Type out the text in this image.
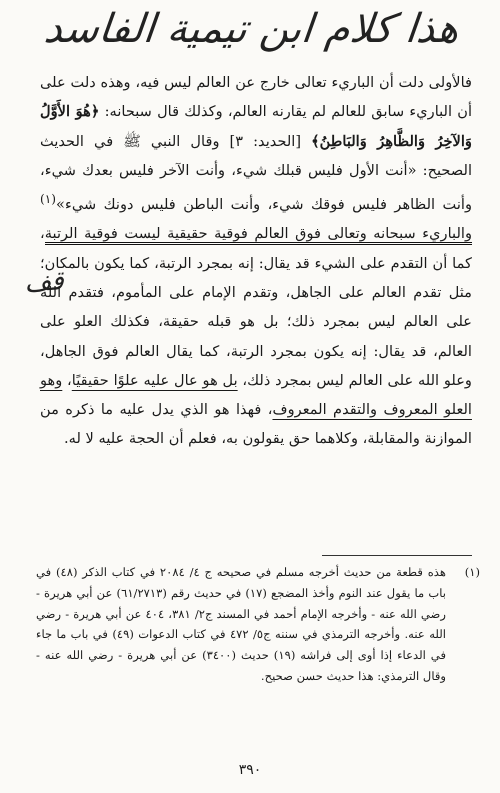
هذا كلام ابن تيمية الفاسد
قف

فالأولى دلت أن الباريء تعالى خارج عن العالم ليس فيه، وهذه دلت على أن الباريء سابق للعالم لم يقارنه العالم، وكذلك قال سبحانه: ﴿هُوَ الأَوَّلُ وَالآخِرُ وَالظَّاهِرُ وَالبَاطِنُ﴾ [الحديد: ٣] وقال النبي ﷺ في الحديث الصحيح: «أنت الأول فليس قبلك شيء، وأنت الآخر فليس بعدك شيء، وأنت الظاهر فليس فوقك شيء، وأنت الباطن فليس دونك شيء»$^{(١)}$ والباريء سبحانه وتعالى فوق العالم فوقية حقيقية ليست فوقية الرتبة، كما أن التقدم على الشيء قد يقال: إنه بمجرد الرتبة، كما يكون بالمكان؛ مثل تقدم العالم على الجاهل، وتقدم الإمام على المأموم، فتقدم الله على العالم ليس بمجرد ذلك؛ بل هو قبله حقيقة، فكذلك العلو على العالم، قد يقال: إنه يكون بمجرد الرتبة، كما يقال العالم فوق الجاهل، وعلو الله على العالم ليس بمجرد ذلك، بل هو عال عليه علوًا حقيقيًا، وهو العلو المعروف والتقدم المعروف، فهذا هو الذي يدل عليه ما ذكره من الموازنة والمقابلة، وكلاهما حق يقولون به، فعلم أن الحجة عليه لا له.

(١)
هذه قطعة من حديث أخرجه مسلم في صحيحه ج ٤/ ٢٠٨٤ في كتاب الذكر (٤٨) في باب ما يقول عند النوم وأخذ المضجع (١٧) في حديث رقم (٦١/٢٧١٣) عن أبي هريرة - رضي الله عنه - وأخرجه الإمام أحمد في المسند ج٢/ ٣٨١، ٤٠٤ عن أبي هريرة - رضي الله عنه. وأخرجه الترمذي في سننه ج٥/ ٤٧٢ في كتاب الدعوات (٤٩) في باب ما جاء في الدعاء إذا أوى إلى فراشه (١٩) حديث (٣٤٠٠) عن أبي هريرة - رضي الله عنه - وقال الترمذي: هذا حديث حسن صحيح.
٣٩٠
